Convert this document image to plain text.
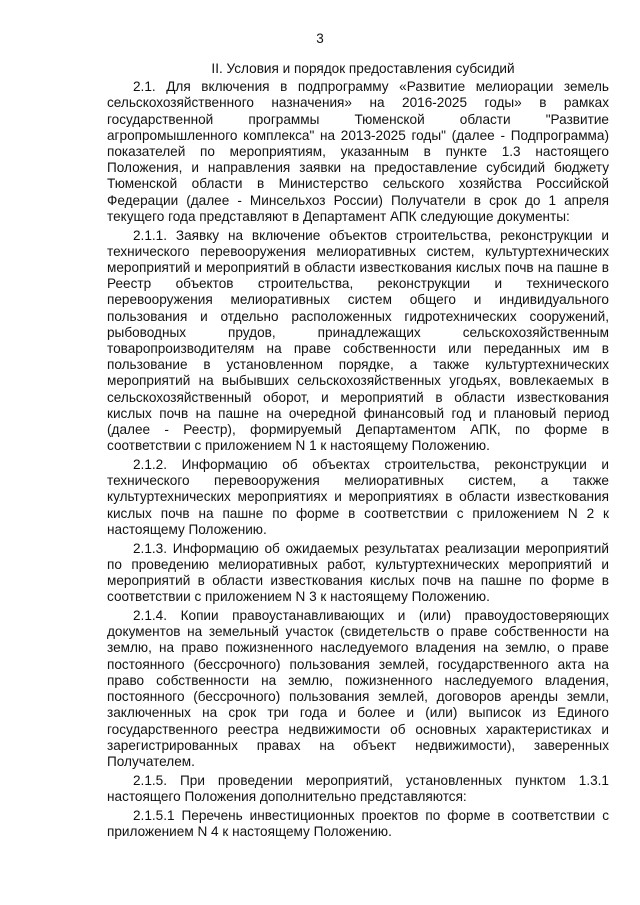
3
II. Условия и порядок предоставления субсидий

2.1. Для включения в подпрограмму «Развитие мелиорации земель сельскохозяйственного назначения» на 2016-2025 годы» в рамках государственной программы Тюменской области "Развитие агропромышленного комплекса" на 2013-2025 годы" (далее - Подпрограмма) показателей по мероприятиям, указанным в пункте 1.3 настоящего Положения, и направления заявки на предоставление субсидий бюджету Тюменской области в Министерство сельского хозяйства Российской Федерации (далее - Минсельхоз России) Получатели в срок до 1 апреля текущего года представляют в Департамент АПК следующие документы:

2.1.1. Заявку на включение объектов строительства, реконструкции и технического перевооружения мелиоративных систем, культуртехнических мероприятий и мероприятий в области известкования кислых почв на пашне в Реестр объектов строительства, реконструкции и технического перевооружения мелиоративных систем общего и индивидуального пользования и отдельно расположенных гидротехнических сооружений, рыбоводных прудов, принадлежащих сельскохозяйственным товаропроизводителям на праве собственности или переданных им в пользование в установленном порядке, а также культуртехнических мероприятий на выбывших сельскохозяйственных угодьях, вовлекаемых в сельскохозяйственный оборот, и мероприятий в области известкования кислых почв на пашне на очередной финансовый год и плановый период (далее - Реестр), формируемый Департаментом АПК, по форме в соответствии с приложением N 1 к настоящему Положению.

2.1.2. Информацию об объектах строительства, реконструкции и технического перевооружения мелиоративных систем, а также культуртехнических мероприятиях и мероприятиях в области известкования кислых почв на пашне по форме в соответствии с приложением N 2 к настоящему Положению.

2.1.3. Информацию об ожидаемых результатах реализации мероприятий по проведению мелиоративных работ, культуртехнических мероприятий и мероприятий в области известкования кислых почв на пашне по форме в соответствии с приложением N 3 к настоящему Положению.

2.1.4. Копии правоустанавливающих и (или) правоудостоверяющих документов на земельный участок (свидетельств о праве собственности на землю, на право пожизненного наследуемого владения на землю, о праве постоянного (бессрочного) пользования землей, государственного акта на право собственности на землю, пожизненного наследуемого владения, постоянного (бессрочного) пользования землей, договоров аренды земли, заключенных на срок три года и более и (или) выписок из Единого государственного реестра недвижимости об основных характеристиках и зарегистрированных правах на объект недвижимости), заверенных Получателем.

2.1.5. При проведении мероприятий, установленных пунктом 1.3.1 настоящего Положения дополнительно представляются:

2.1.5.1 Перечень инвестиционных проектов по форме в соответствии с приложением N 4 к настоящему Положению.
